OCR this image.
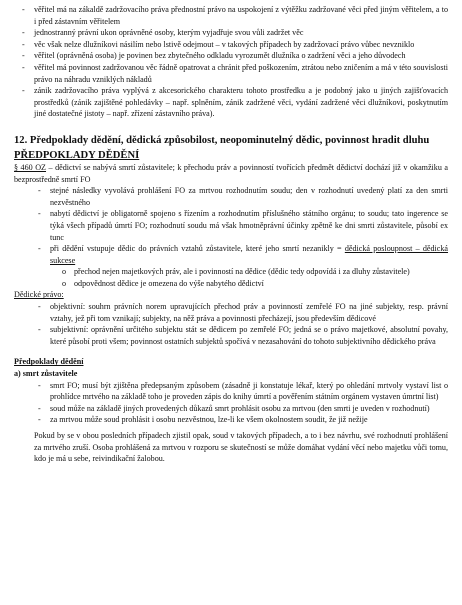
- věřitel má na zákaldě zadržovacího práva přednostní právo na uspokojení z výtěžku zadržované věci před jiným věřitelem, a to i před zástavním věřitelem
- jednostranný právní ukon oprávněné osoby, kterým vyjadřuje svou vůli zadržet věc
- věc však nelze dlužníkovi násilím nebo lstivě odejmout – v takových případech by zadržovací právo vůbec nevzniklo
- věřitel (oprávněná osoba) je povinen bez zbytečného odkladu vyrozumět dlužníka o zadržení věci a jeho důvodech
- věřitel má povinnost zadržovanou věc řádně opatrovat a chránit před poškozením, ztrátou nebo zničením a má v této souvislosti právo na náhradu vzniklých nákladů
- zánik zadržovacího práva vyplývá z akcesorického charakteru tohoto prostředku a je podobný jako u jiných zajišťovacích prostředků (zánik zajištěné pohledávky – např. splněním, zánik zadržené věci, vydání zadržené věci dlužníkovi, poskytnutím jiné dostatečné jistoty – např. zřízení zástavního práva).

12. Předpoklady dědění, dědická způsobilost, neopominutelný dědic, povinnost hradit dluhu

PŘEDPOKLADY DĚDĚNÍ

§ 460 OZ – dědictví se nabývá smrtí zůstavitele; k přechodu práv a povinností tvořících předmět dědictví dochází již v okamžiku a bezprostředně smrtí FO

- stejné následky vyvolává prohlášení FO za mrtvou rozhodnutím soudu; den v rozhodnutí uvedený platí za den smrti nezvěstného
- nabytí dědictví je obligatorně spojeno s řízením a rozhodnutím příslušného státního orgánu; to soudu; tato ingerence se týká všech případů úmrtí FO; rozhodnutí soudu má však hmotněprávní účinky zpětně ke dni smrti zůstavitele, působí ex tunc
- při dědění vstupuje dědic do právních vztahů zůstavitele, které jeho smrtí nezanikly = dědická posloupnost – dědická sukcese
o přechod nejen majetkových práv, ale i povinností na dědice (dědic tedy odpovídá i za dluhy zůstavitele)
o odpovědnost dědice je omezena do výše nabytého dědictví

Dědické právo:

- objektivní: souhrn právních norem upravujících přechod práv a povinností zemřelé FO na jiné subjekty, resp. právní vztahy, jež při tom vznikají; subjekty, na něž práva a povinnosti přecházejí, jsou především dědicové
- subjektivní: oprávnění určitého subjektu stát se dědicem po zemřelé FO; jedná se o právo majetkové, absolutní povahy, které působí proti všem; povinnost ostatních subjektů spočívá v nezasahování do tohoto subjektivního dědického práva

Předpoklady dědění

a) smrt zůstavitele

- smrt FO; musí být zjištěna předepsaným způsobem (zásadně ji konstatuje lékař, který po ohledání mrtvoly vystaví list o prohlídce mrtvého na základě toho je proveden zápis do knihy úmrtí a pověřením státním orgánem vystaven úmrtní list)
- soud může na základě jiných provedených důkazů smrt prohlásit osobu za mrtvou (den smrti je uveden v rozhodnutí)
- za mrtvou může soud prohlásit i osobu nezvěstnou, lze-li ke všem okolnostem soudit, že již nežije

Pokud by se v obou posledních případech zjistil opak, soud v takových případech, a to i bez návrhu, své rozhodnutí prohlášení za mrtvého zruší. Osoba prohlášená za mrtvou v rozporu se skutečností se může domáhat vydání věcí nebo majetku vůči tomu, kdo je má u sebe, reivindikační žalobou.
